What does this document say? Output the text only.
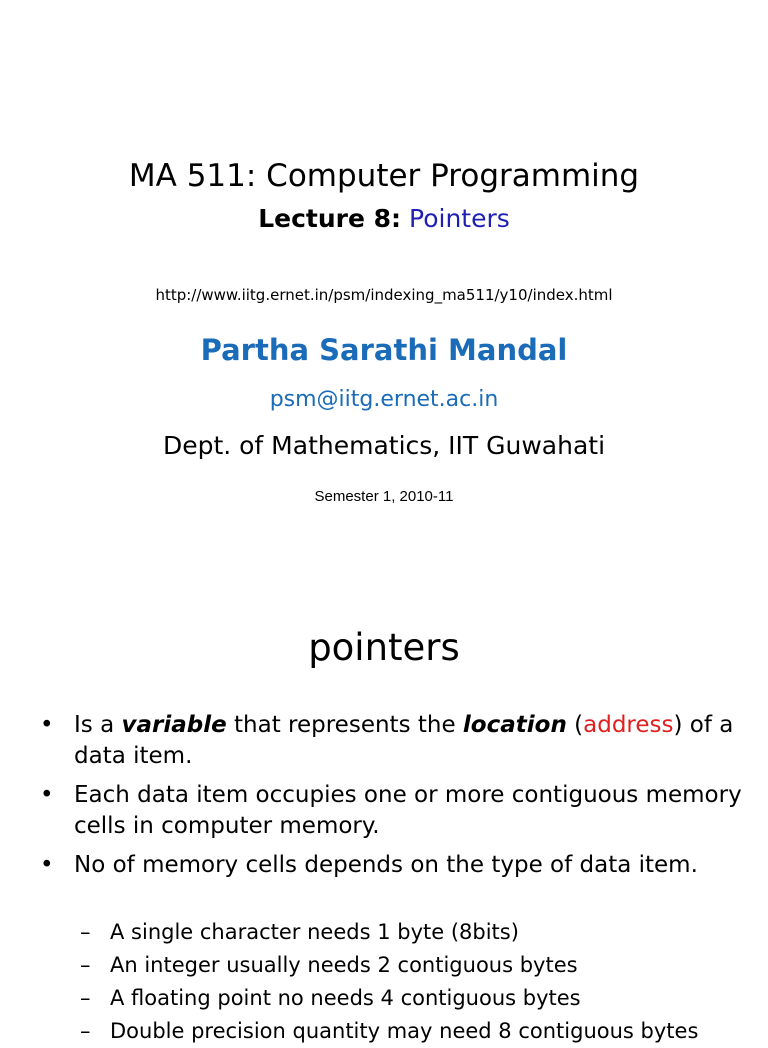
MA 511: Computer Programming
Lecture 8: Pointers
http://www.iitg.ernet.in/psm/indexing_ma511/y10/index.html
Partha Sarathi Mandal
psm@iitg.ernet.ac.in
Dept. of Mathematics, IIT Guwahati
Semester 1, 2010-11
pointers
• Is a variable that represents the location (address) of a data item.
• Each data item occupies one or more contiguous memory cells in computer memory.
• No of memory cells depends on the type of data item.
– A single character needs 1 byte (8bits)
– An integer usually needs 2 contiguous bytes
– A floating point no needs 4 contiguous bytes
– Double precision quantity may need 8 contiguous bytes
